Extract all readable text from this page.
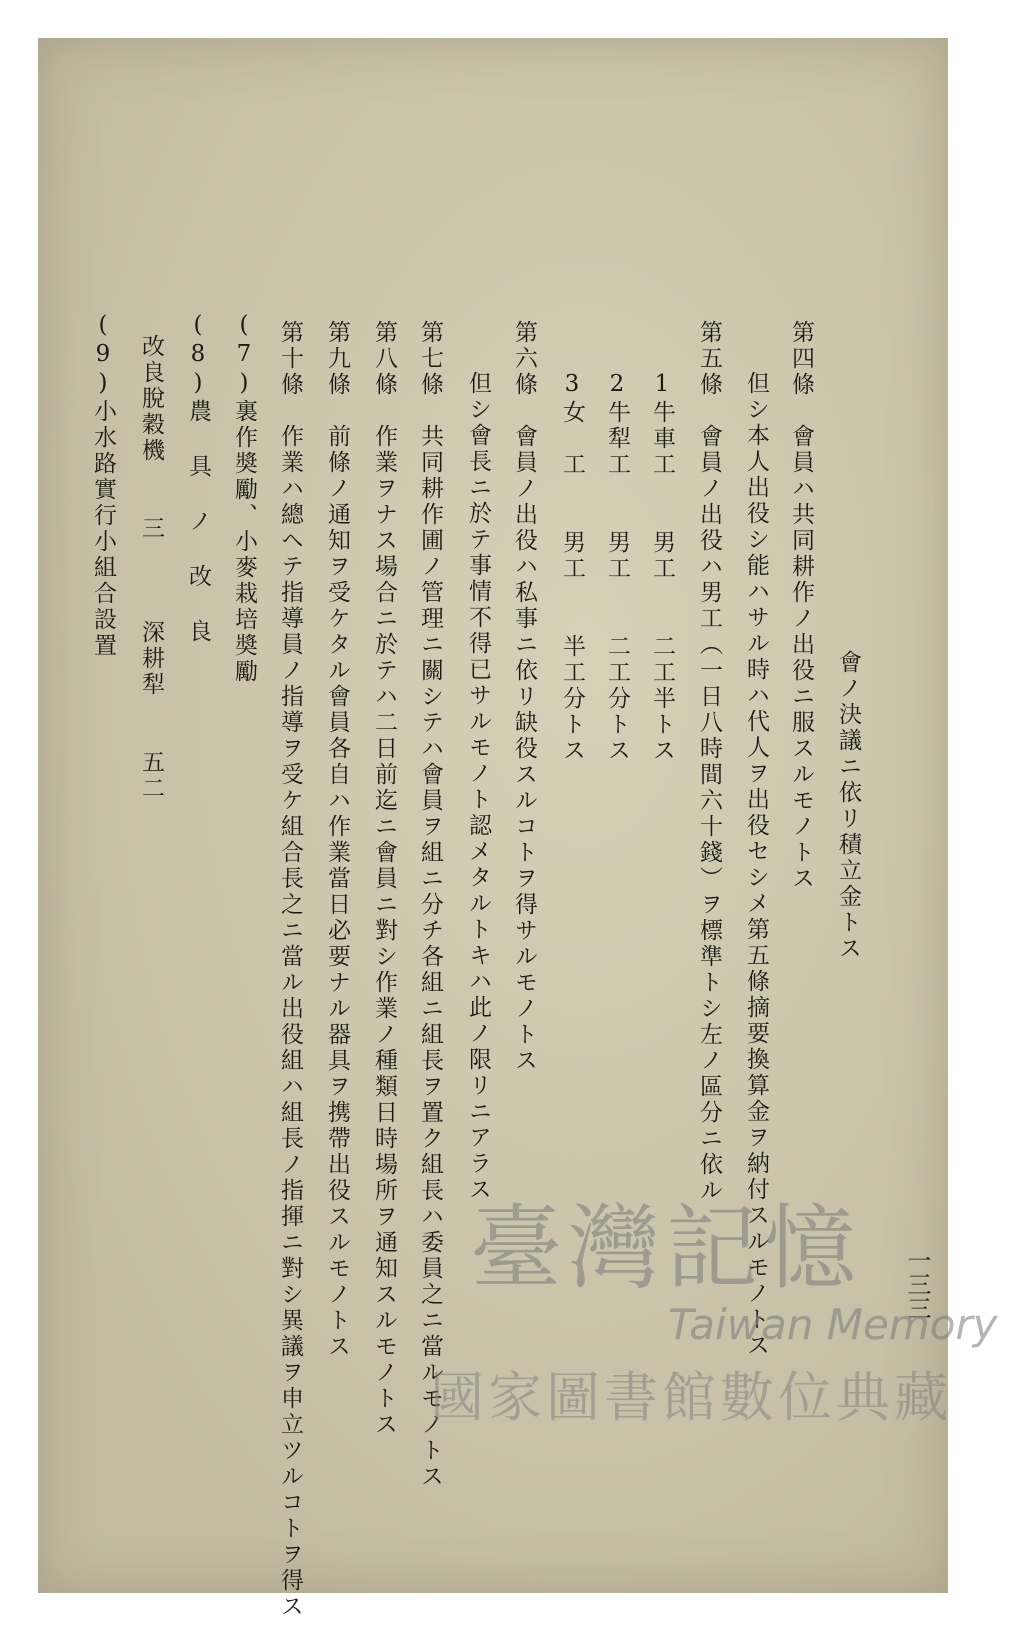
會ノ決議ニ依リ積立金トス
第四條　會員ハ共同耕作ノ出役ニ服スルモノトス
但シ本人出役シ能ハサル時ハ代人ヲ出役セシメ第五條摘要換算金ヲ納付スルモノトス
第五條　會員ノ出役ハ男工（一日八時間六十錢）ヲ標準トシ左ノ區分ニ依ル
1牛車工　　男工　　二工半トス
2牛犁工　　男工　　二工分トス
3女　工　　男工　　半工分トス
第六條　會員ノ出役ハ私事ニ依リ缺役スルコトヲ得サルモノトス
但シ會長ニ於テ事情不得已サルモノト認メタルトキハ此ノ限リニアラス
第七條　共同耕作圃ノ管理ニ關シテハ會員ヲ組ニ分チ各組ニ組長ヲ置ク組長ハ委員之ニ當ルモノトス
第八條　作業ヲナス場合ニ於テハ二日前迄ニ會員ニ對シ作業ノ種類日時場所ヲ通知スルモノトス
第九條　前條ノ通知ヲ受ケタル會員各自ハ作業當日必要ナル器具ヲ携帶出役スルモノトス
第十條　作業ハ總ヘテ指導員ノ指導ヲ受ケ組合長之ニ當ル出役組ハ組長ノ指揮ニ對シ異議ヲ申立ツルコトヲ得ス
(7)裏作奬勵、小麥栽培奬勵
(8)農 具 ノ 改 良
改良脫穀機　　三　　　深耕犁　　五二
(9)小水路實行小組合設置
一三三
臺灣記憶
Taiwan Memory
國家圖書館數位典藏
